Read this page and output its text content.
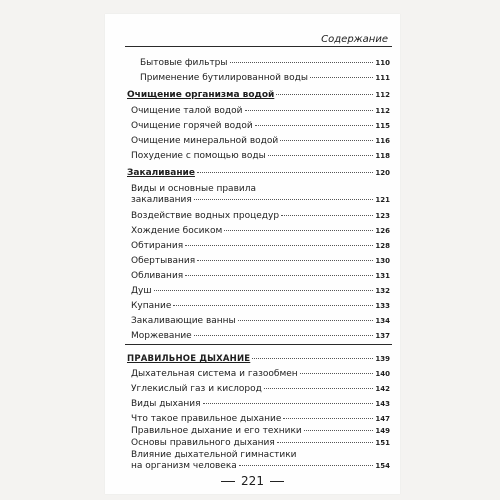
Содержание
Бытовые фильтры	110
Применение бутилированной воды	111
Очищение организма водой	112
Очищение талой водой	112
Очищение горячей водой	115
Очищение минеральной водой	116
Похудение с помощью воды	118
Закаливание	120
Виды и основные правила
закаливания	121
Воздействие водных процедур	123
Хождение босиком	126
Обтирания	128
Обертывания	130
Обливания	131
Душ	132
Купание	133
Закаливающие ванны	134
Моржевание	137
ПРАВИЛЬНОЕ ДЫХАНИЕ	139
Дыхательная система и газообмен	140
Углекислый газ и кислород	142
Виды дыхания	143
Что такое правильное дыхание	147
Правильное дыхание и его техники	149
Основы правильного дыхания	151
Влияние дыхательной гимнастики
на организм человека	154
221
